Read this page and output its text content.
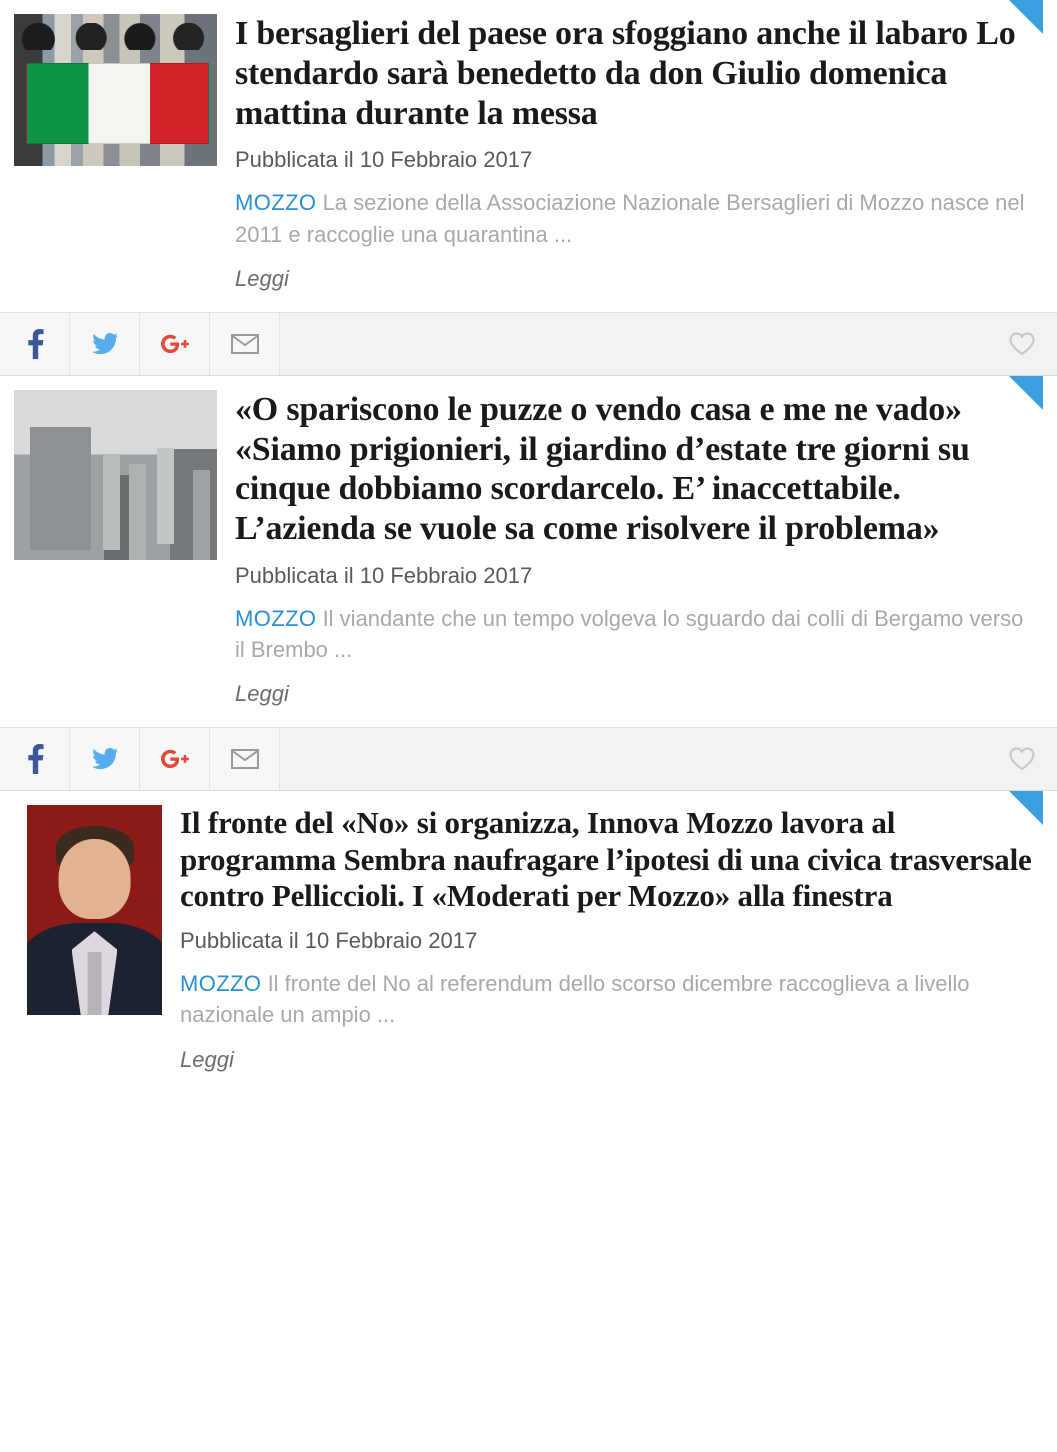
I bersaglieri del paese ora sfoggiano anche il labaro Lo stendardo sarà benedetto da don Giulio domenica mattina durante la messa
Pubblicata il 10 Febbraio 2017
MOZZO La sezione della Associazione Nazionale Bersaglieri di Mozzo nasce nel 2011 e raccoglie una quarantina ...
Leggi
«O spariscono le puzze o vendo casa e me ne vado» «Siamo prigionieri, il giardino d’estate tre giorni su cinque dobbiamo scordarcelo. E’ inaccettabile. L’azienda se vuole sa come risolvere il problema»
Pubblicata il 10 Febbraio 2017
MOZZO Il viandante che un tempo volgeva lo sguardo dai colli di Bergamo verso il Brembo ...
Leggi
Il fronte del «No» si organizza, Innova Mozzo lavora al programma Sembra naufragare l’ipotesi di una civica trasversale contro Pelliccioli. I «Moderati per Mozzo» alla finestra
Pubblicata il 10 Febbraio 2017
MOZZO Il fronte del No al referendum dello scorso dicembre raccoglieva a livello nazionale un ampio ...
Leggi
